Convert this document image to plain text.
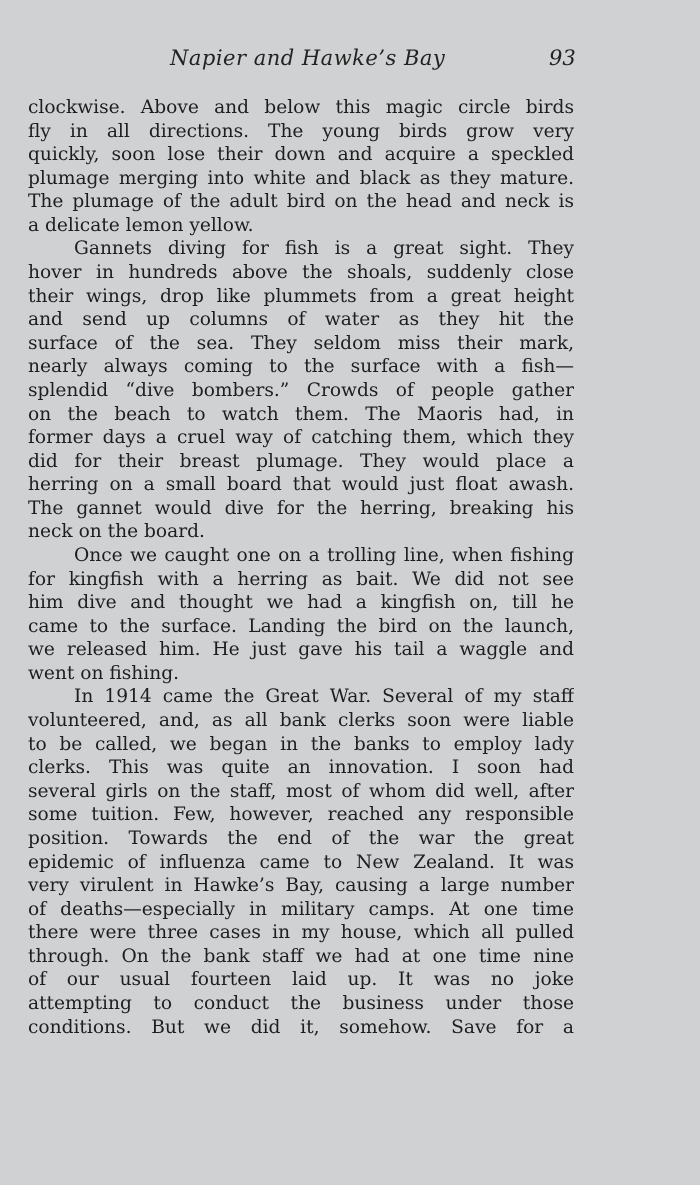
Napier and Hawke’s Bay	93
clockwise. Above and below this magic circle birds
fly in all directions. The young birds grow very
quickly, soon lose their down and acquire a speckled
plumage merging into white and black as they mature.
The plumage of the adult bird on the head and neck is
a delicate lemon yellow.
Gannets diving for fish is a great sight. They
hover in hundreds above the shoals, suddenly close
their wings, drop like plummets from a great height
and send up columns of water as they hit the
surface of the sea. They seldom miss their mark,
nearly always coming to the surface with a fish—
splendid “dive bombers.” Crowds of people gather
on the beach to watch them. The Maoris had, in
former days a cruel way of catching them, which they
did for their breast plumage. They would place a
herring on a small board that would just float awash.
The gannet would dive for the herring, breaking his
neck on the board.
Once we caught one on a trolling line, when fishing
for kingfish with a herring as bait. We did not see
him dive and thought we had a kingfish on, till he
came to the surface. Landing the bird on the launch,
we released him. He just gave his tail a waggle and
went on fishing.
In 1914 came the Great War. Several of my staff
volunteered, and, as all bank clerks soon were liable
to be called, we began in the banks to employ lady
clerks. This was quite an innovation. I soon had
several girls on the staff, most of whom did well, after
some tuition. Few, however, reached any responsible
position. Towards the end of the war the great
epidemic of influenza came to New Zealand. It was
very virulent in Hawke’s Bay, causing a large number
of deaths—especially in military camps. At one time
there were three cases in my house, which all pulled
through. On the bank staff we had at one time nine
of our usual fourteen laid up. It was no joke
attempting to conduct the business under those
conditions. But we did it, somehow. Save for a
